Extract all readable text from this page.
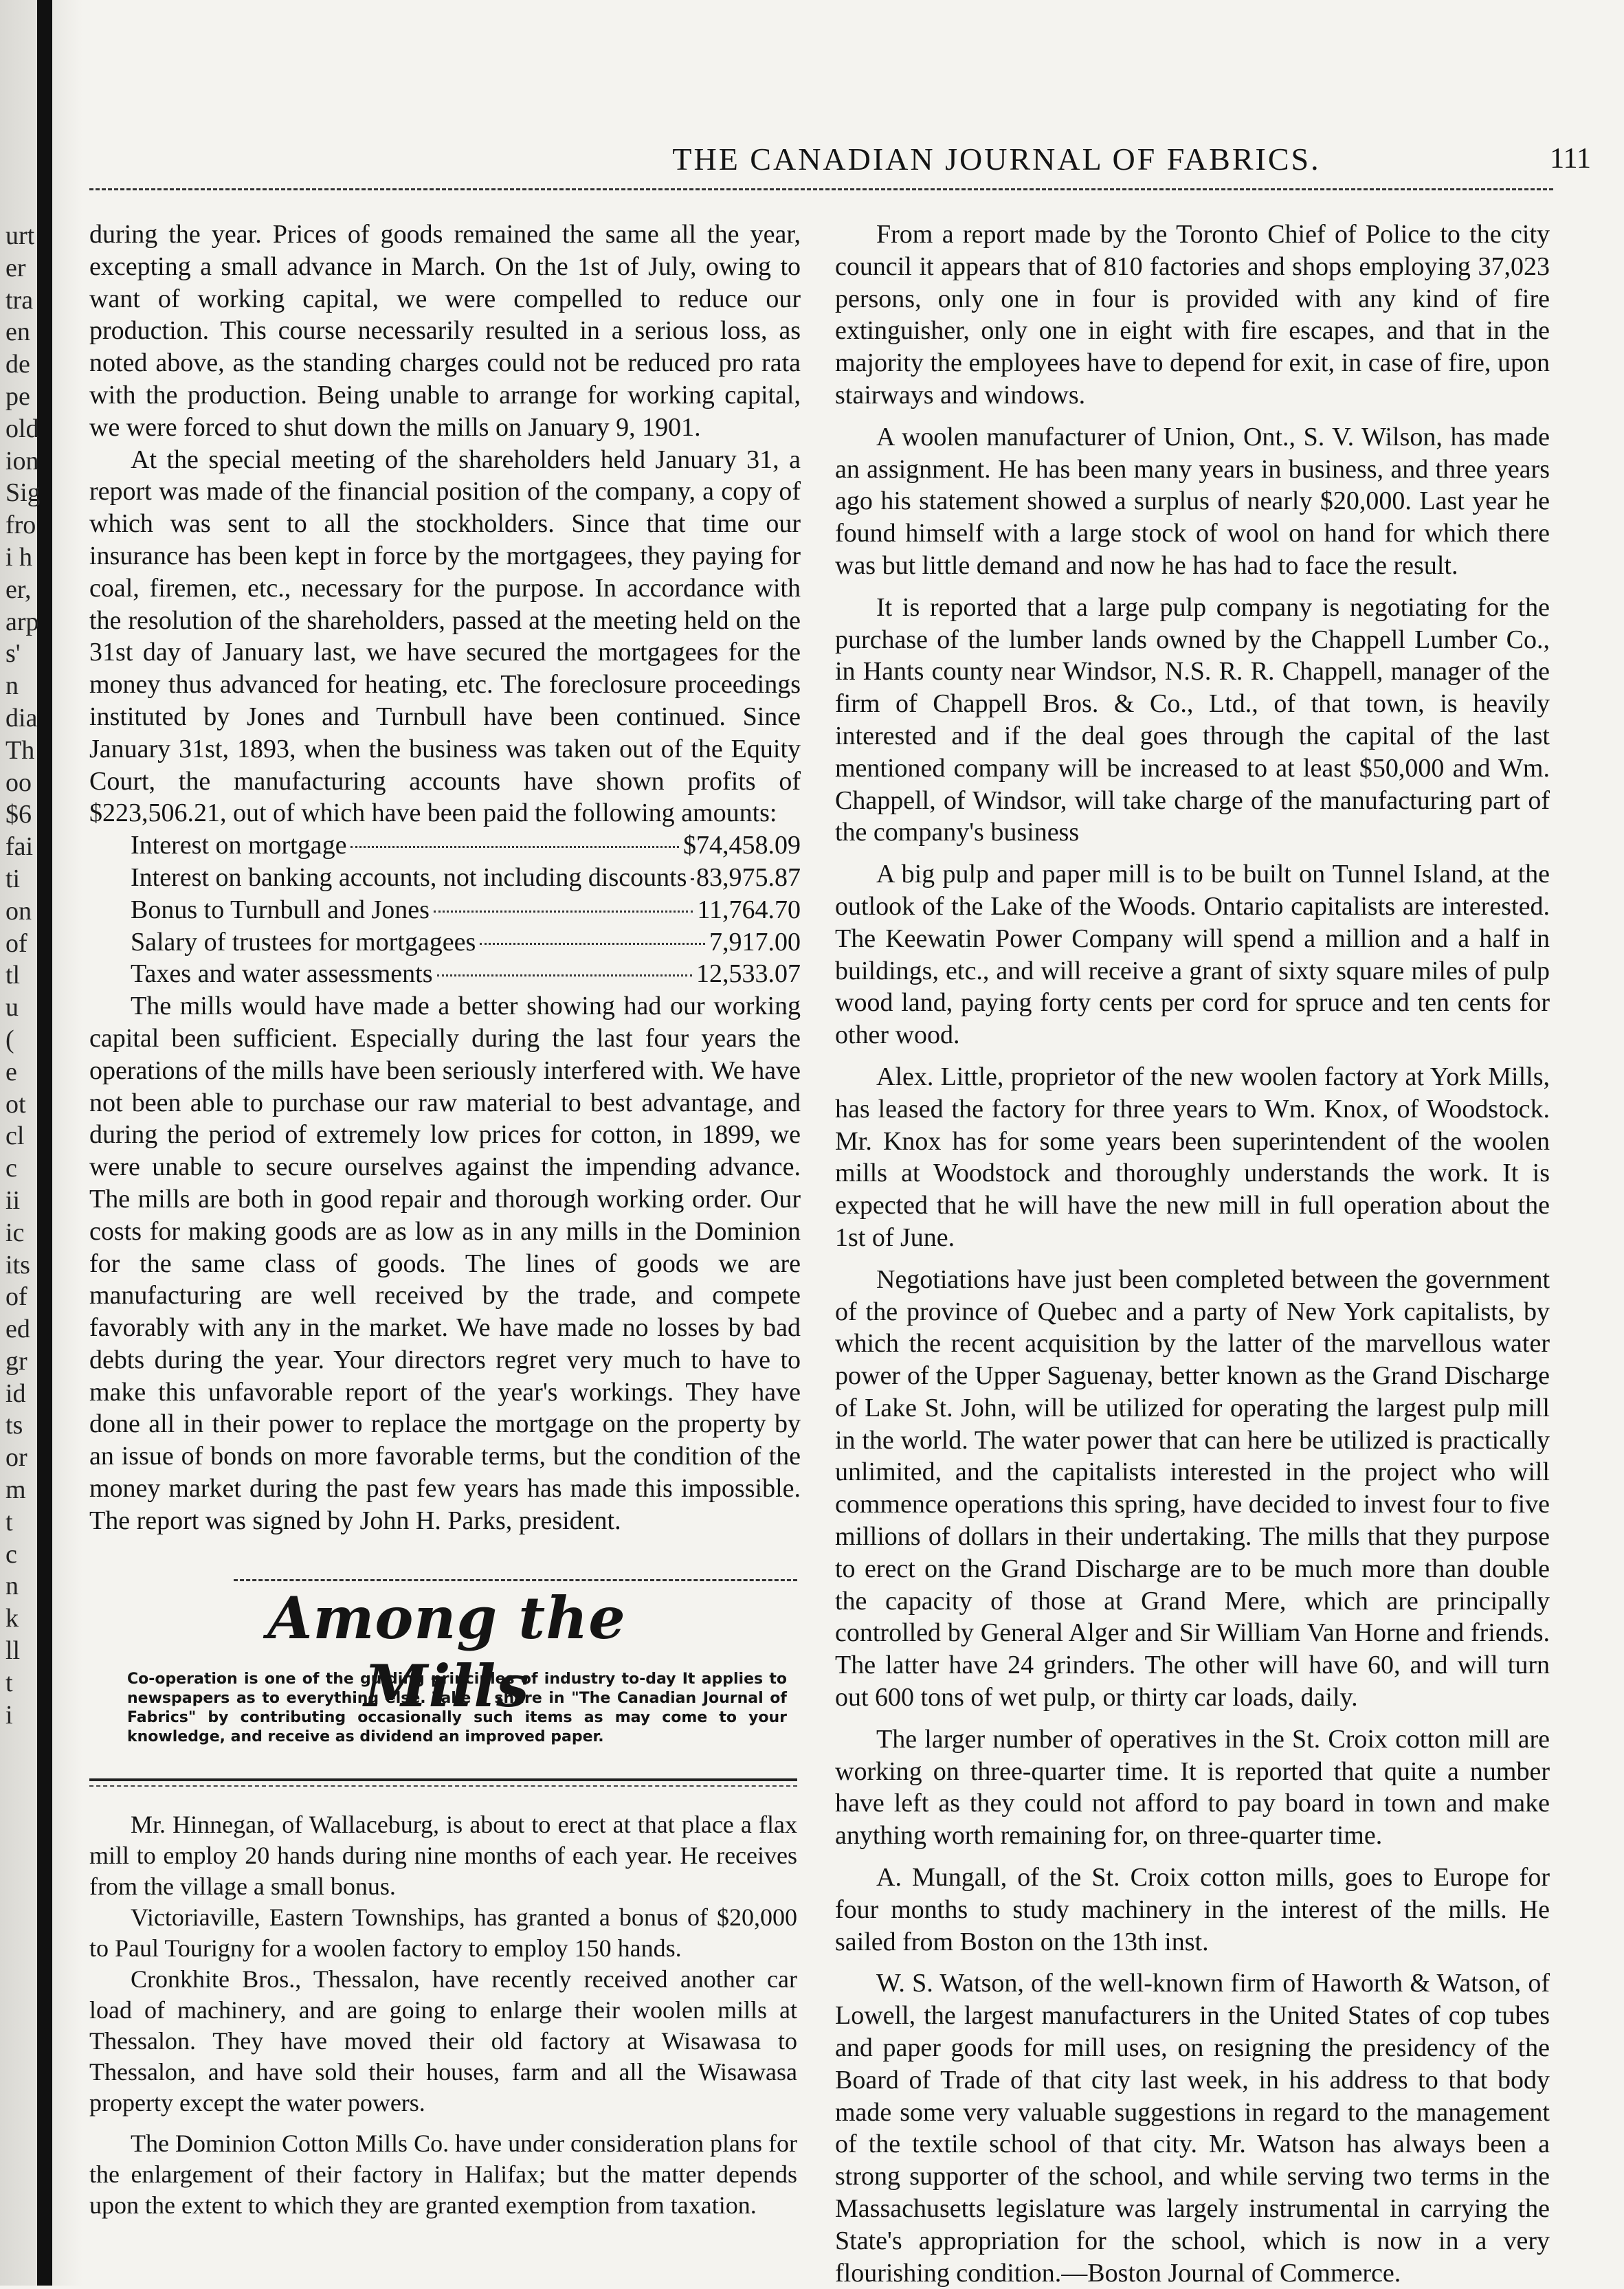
urt
er
tra
en
de
pe
old
ion
Sig
fro
i h
er,
arp
s'
n
dia
Th
oo
$6
fai
ti
on
of
tl
u
(
e
ot
cl
c
ii
ic
its
of
ed
gr
id
ts
or
m
t
c
n
k
ll
t
i
THE CANADIAN JOURNAL OF FABRICS.	111

during the year. Prices of goods remained the same all the year, excepting a small advance in March. On the 1st of July, owing to want of working capital, we were compelled to reduce our production. This course necessarily resulted in a serious loss, as noted above, as the standing charges could not be reduced pro rata with the production. Being unable to arrange for working capital, we were forced to shut down the mills on January 9, 1901.

At the special meeting of the shareholders held January 31, a report was made of the financial position of the company, a copy of which was sent to all the stockholders. Since that time our insurance has been kept in force by the mortgagees, they paying for coal, firemen, etc., necessary for the purpose. In accordance with the resolution of the shareholders, passed at the meeting held on the 31st day of January last, we have secured the mortgagees for the money thus advanced for heating, etc. The foreclosure proceedings instituted by Jones and Turnbull have been continued. Since January 31st, 1893, when the business was taken out of the Equity Court, the manufacturing accounts have shown profits of $223,506.21, out of which have been paid the following amounts:

Interest on mortgage	$74,458.09
Interest on banking accounts, not including discounts 83,975.87
Bonus to Turnbull and Jones	11,764.70
Salary of trustees for mortgagees	7,917.00
Taxes and water assessments	12,533.07

The mills would have made a better showing had our working capital been sufficient. Especially during the last four years the operations of the mills have been seriously interfered with. We have not been able to purchase our raw material to best advantage, and during the period of extremely low prices for cotton, in 1899, we were unable to secure ourselves against the impending advance. The mills are both in good repair and thorough working order. Our costs for making goods are as low as in any mills in the Dominion for the same class of goods. The lines of goods we are manufacturing are well received by the trade, and compete favorably with any in the market. We have made no losses by bad debts during the year. Your directors regret very much to have to make this unfavorable report of the year's workings. They have done all in their power to replace the mortgage on the property by an issue of bonds on more favorable terms, but the condition of the money market during the past few years has made this impossible. The report was signed by John H. Parks, president.

Among the Mills
Co-operation is one of the guiding principles of industry to-day It applies to newspapers as to everything else. Take a share in "The Canadian Journal of Fabrics" by contributing occasionally such items as may come to your knowledge, and receive as dividend an improved paper.

Mr. Hinnegan, of Wallaceburg, is about to erect at that place a flax mill to employ 20 hands during nine months of each year. He receives from the village a small bonus.

Victoriaville, Eastern Townships, has granted a bonus of $20,000 to Paul Tourigny for a woolen factory to employ 150 hands.

Cronkhite Bros., Thessalon, have recently received another car load of machinery, and are going to enlarge their woolen mills at Thessalon. They have moved their old factory at Wisawasa to Thessalon, and have sold their houses, farm and all the Wisawasa property except the water powers.

The Dominion Cotton Mills Co. have under consideration plans for the enlargement of their factory in Halifax; but the matter depends upon the extent to which they are granted exemption from taxation.

From a report made by the Toronto Chief of Police to the city council it appears that of 810 factories and shops employing 37,023 persons, only one in four is provided with any kind of fire extinguisher, only one in eight with fire escapes, and that in the majority the employees have to depend for exit, in case of fire, upon stairways and windows.

A woolen manufacturer of Union, Ont., S. V. Wilson, has made an assignment. He has been many years in business, and three years ago his statement showed a surplus of nearly $20,000. Last year he found himself with a large stock of wool on hand for which there was but little demand and now he has had to face the result.

It is reported that a large pulp company is negotiating for the purchase of the lumber lands owned by the Chappell Lumber Co., in Hants county near Windsor, N.S. R. R. Chappell, manager of the firm of Chappell Bros. & Co., Ltd., of that town, is heavily interested and if the deal goes through the capital of the last mentioned company will be increased to at least $50,000 and Wm. Chappell, of Windsor, will take charge of the manufacturing part of the company's business

A big pulp and paper mill is to be built on Tunnel Island, at the outlook of the Lake of the Woods. Ontario capitalists are interested. The Keewatin Power Company will spend a million and a half in buildings, etc., and will receive a grant of sixty square miles of pulp wood land, paying forty cents per cord for spruce and ten cents for other wood.

Alex. Little, proprietor of the new woolen factory at York Mills, has leased the factory for three years to Wm. Knox, of Woodstock. Mr. Knox has for some years been superintendent of the woolen mills at Woodstock and thoroughly understands the work. It is expected that he will have the new mill in full operation about the 1st of June.

Negotiations have just been completed between the government of the province of Quebec and a party of New York capitalists, by which the recent acquisition by the latter of the marvellous water power of the Upper Saguenay, better known as the Grand Discharge of Lake St. John, will be utilized for operating the largest pulp mill in the world. The water power that can here be utilized is practically unlimited, and the capitalists interested in the project who will commence operations this spring, have decided to invest four to five millions of dollars in their undertaking. The mills that they purpose to erect on the Grand Discharge are to be much more than double the capacity of those at Grand Mere, which are principally controlled by General Alger and Sir William Van Horne and friends. The latter have 24 grinders. The other will have 60, and will turn out 600 tons of wet pulp, or thirty car loads, daily.

The larger number of operatives in the St. Croix cotton mill are working on three-quarter time. It is reported that quite a number have left as they could not afford to pay board in town and make anything worth remaining for, on three-quarter time.

A. Mungall, of the St. Croix cotton mills, goes to Europe for four months to study machinery in the interest of the mills. He sailed from Boston on the 13th inst.

W. S. Watson, of the well-known firm of Haworth & Watson, of Lowell, the largest manufacturers in the United States of cop tubes and paper goods for mill uses, on resigning the presidency of the Board of Trade of that city last week, in his address to that body made some very valuable suggestions in regard to the management of the textile school of that city. Mr. Watson has always been a strong supporter of the school, and while serving two terms in the Massachusetts legislature was largely instrumental in carrying the State's appropriation for the school, which is now in a very flourishing condition.—Boston Journal of Commerce.
